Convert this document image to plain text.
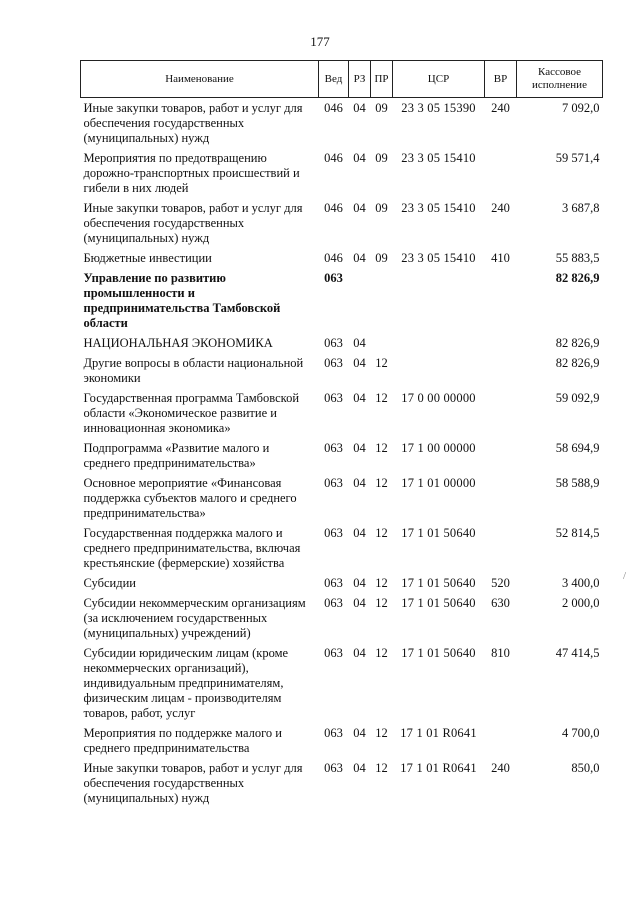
177
Наименование	Вед	РЗ	ПР	ЦСР	ВР	Кассовое исполнение
Иные закупки товаров, работ и услуг для обеспечения государственных (муниципальных) нужд	046	04	09	23 3 05 15390	240	7 092,0
Мероприятия по предотвращению дорожно-транспортных происшествий и гибели в них людей	046	04	09	23 3 05 15410		59 571,4
Иные закупки товаров, работ и услуг для обеспечения государственных (муниципальных) нужд	046	04	09	23 3 05 15410	240	3 687,8
Бюджетные инвестиции	046	04	09	23 3 05 15410	410	55 883,5
Управление по развитию промышленности и предпринимательства Тамбовской области	063					82 826,9
НАЦИОНАЛЬНАЯ ЭКОНОМИКА	063	04				82 826,9
Другие вопросы в области национальной экономики	063	04	12			82 826,9
Государственная программа Тамбовской области «Экономическое развитие и инновационная экономика»	063	04	12	17 0 00 00000		59 092,9
Подпрограмма «Развитие малого и среднего предпринимательства»	063	04	12	17 1 00 00000		58 694,9
Основное мероприятие «Финансовая поддержка субъектов малого и среднего предпринимательства»	063	04	12	17 1 01 00000		58 588,9
Государственная поддержка малого и среднего предпринимательства, включая крестьянские (фермерские) хозяйства	063	04	12	17 1 01 50640		52 814,5
Субсидии	063	04	12	17 1 01 50640	520	3 400,0
Субсидии некоммерческим организациям (за исключением государственных (муниципальных) учреждений)	063	04	12	17 1 01 50640	630	2 000,0
Субсидии юридическим лицам (кроме некоммерческих организаций), индивидуальным предпринимателям, физическим лицам - производителям товаров, работ, услуг	063	04	12	17 1 01 50640	810	47 414,5
Мероприятия по поддержке малого и среднего предпринимательства	063	04	12	17 1 01 R0641		4 700,0
Иные закупки товаров, работ и услуг для обеспечения государственных (муниципальных) нужд	063	04	12	17 1 01 R0641	240	850,0
/
